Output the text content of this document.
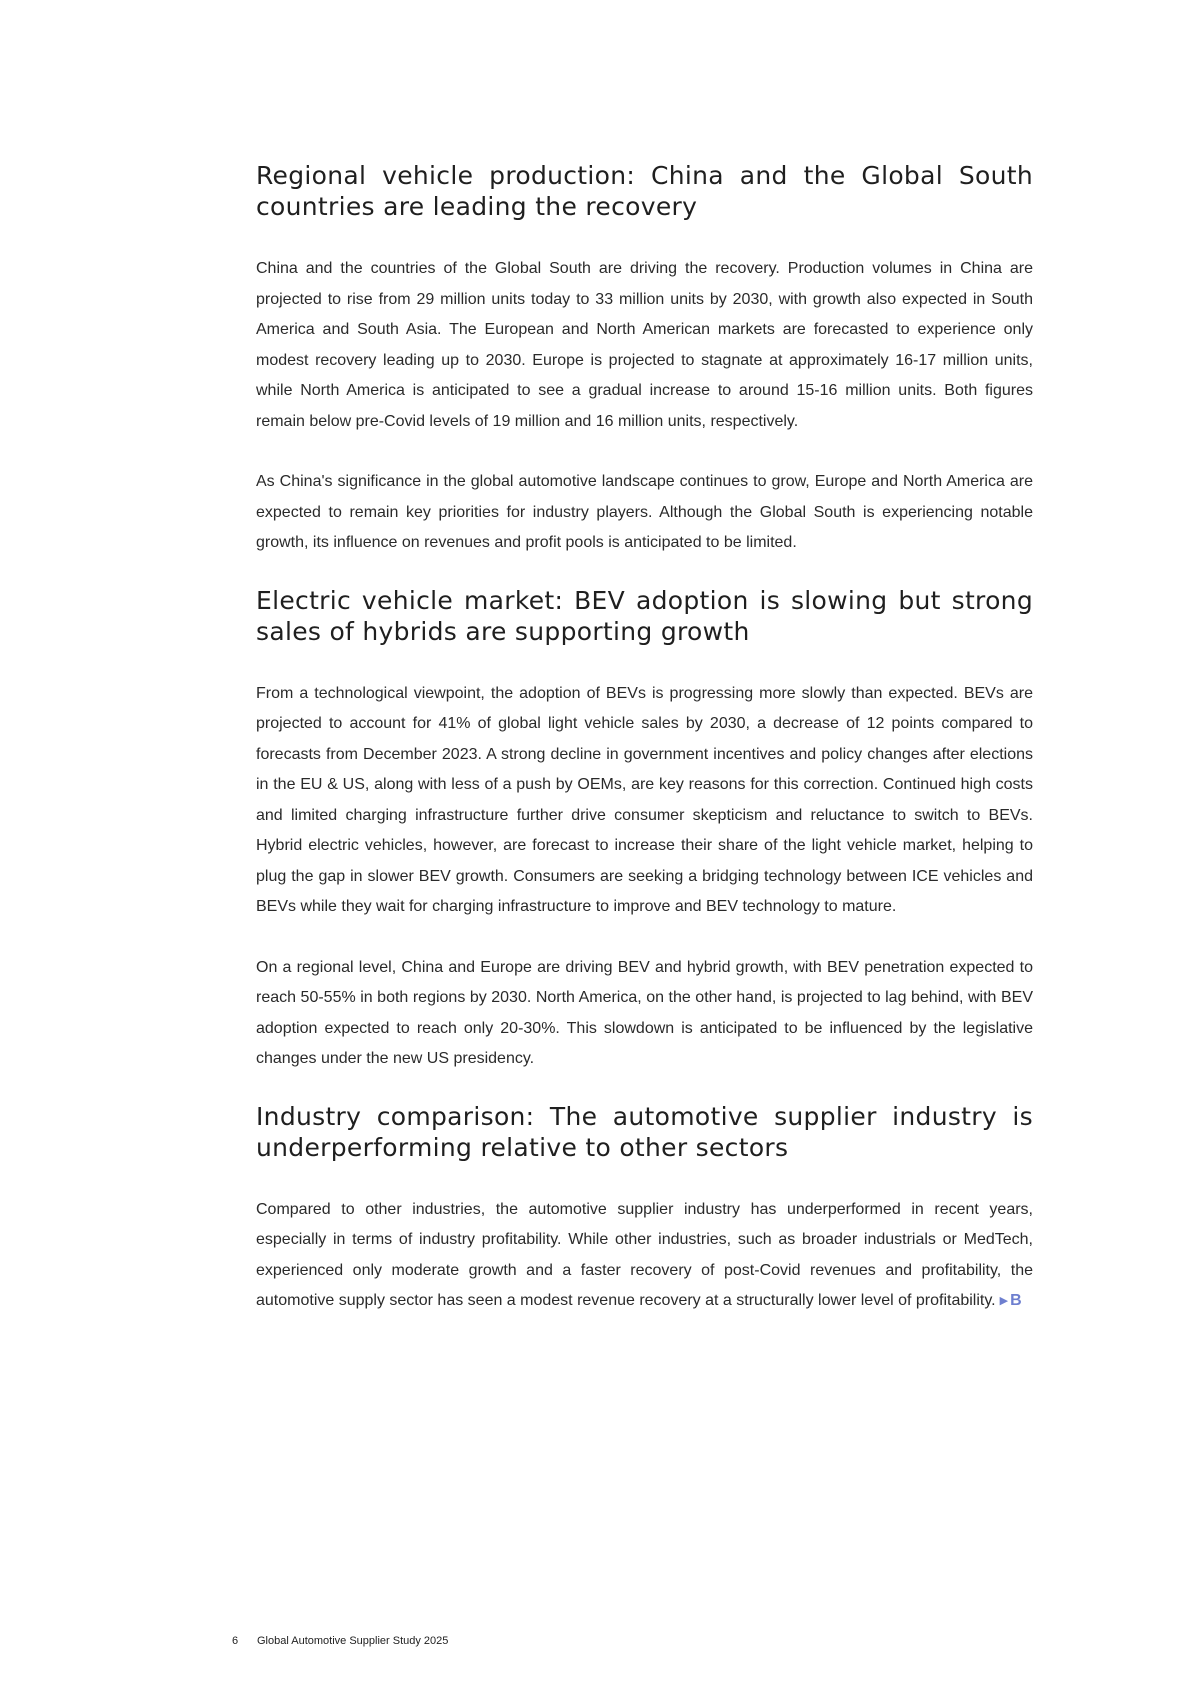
Regional vehicle production: China and the Global South countries are leading the recovery

China and the countries of the Global South are driving the recovery. Production volumes in China are projected to rise from 29 million units today to 33 million units by 2030, with growth also expected in South America and South Asia. The European and North American markets are forecasted to experience only modest recovery leading up to 2030. Europe is projected to stagnate at approximately 16-17 million units, while North America is anticipated to see a gradual increase to around 15-16 million units. Both figures remain below pre-Covid levels of 19 million and 16 million units, respectively.

As China's significance in the global automotive landscape continues to grow, Europe and North America are expected to remain key priorities for industry players. Although the Global South is experiencing notable growth, its influence on revenues and profit pools is anticipated to be limited.

Electric vehicle market: BEV adoption is slowing but strong sales of hybrids are supporting growth

From a technological viewpoint, the adoption of BEVs is progressing more slowly than expected. BEVs are projected to account for 41% of global light vehicle sales by 2030, a decrease of 12 points compared to forecasts from December 2023. A strong decline in government incentives and policy changes after elections in the EU & US, along with less of a push by OEMs, are key reasons for this correction. Continued high costs and limited charging infrastructure further drive consumer skepticism and reluctance to switch to BEVs. Hybrid electric vehicles, however, are forecast to increase their share of the light vehicle market, helping to plug the gap in slower BEV growth. Consumers are seeking a bridging technology between ICE vehicles and BEVs while they wait for charging infrastructure to improve and BEV technology to mature.

On a regional level, China and Europe are driving BEV and hybrid growth, with BEV penetration expected to reach 50-55% in both regions by 2030. North America, on the other hand, is projected to lag behind, with BEV adoption expected to reach only 20-30%. This slowdown is anticipated to be influenced by the legislative changes under the new US presidency.

Industry comparison: The automotive supplier industry is underperforming relative to other sectors

Compared to other industries, the automotive supplier industry has underperformed in recent years, especially in terms of industry profitability. While other industries, such as broader industrials or MedTech, experienced only moderate growth and a faster recovery of post-Covid revenues and profitability, the automotive supply sector has seen a modest revenue recovery at a structurally lower level of profitability. ▶ B

6 Global Automotive Supplier Study 2025
